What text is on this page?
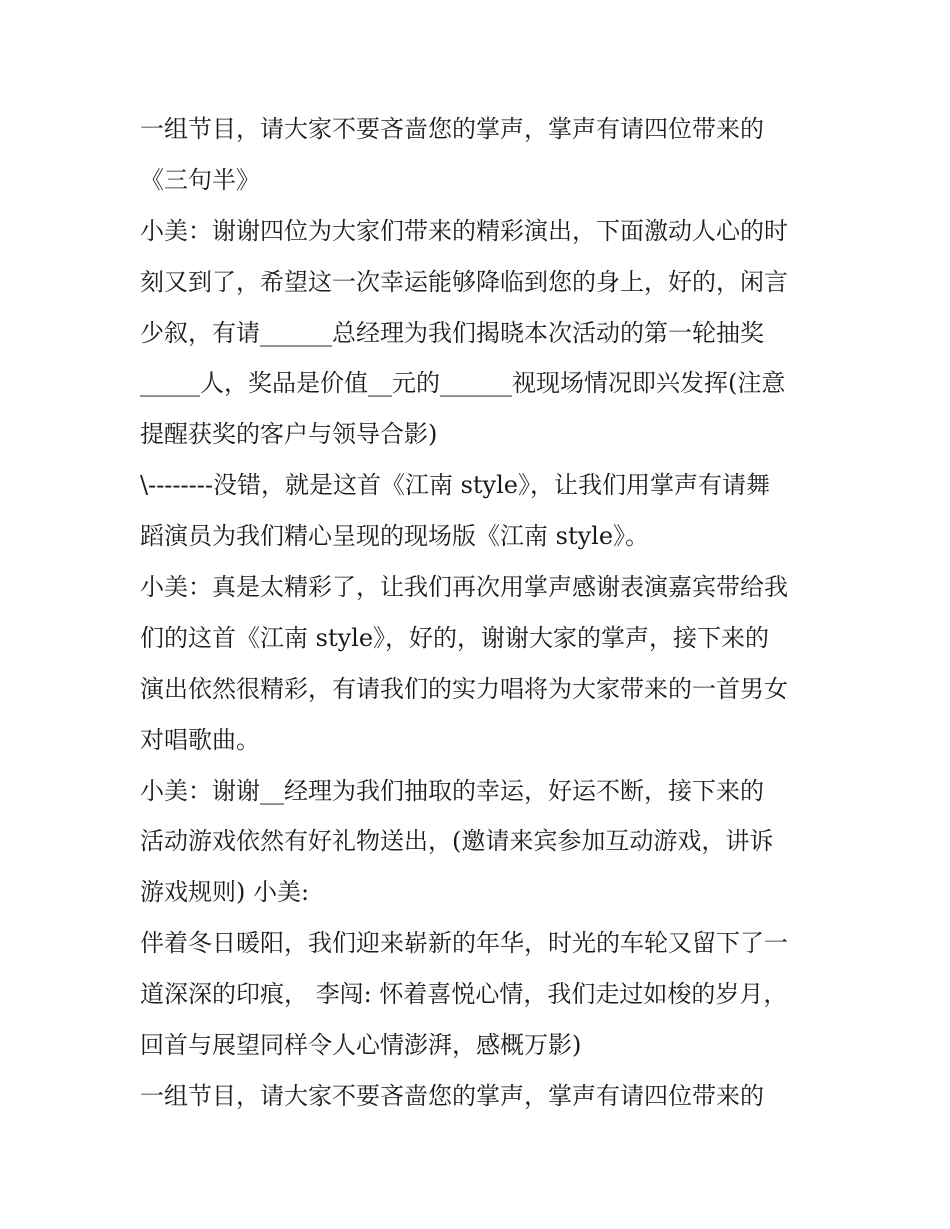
一组节目，请大家不要吝啬您的掌声，掌声有请四位带来的
《三句半》
小美：谢谢四位为大家们带来的精彩演出，下面激动人心的时
刻又到了，希望这一次幸运能够降临到您的身上，好的，闲言
少叙，有请______总经理为我们揭晓本次活动的第一轮抽奖
_____人，奖品是价值__元的______视现场情况即兴发挥(注意
提醒获奖的客户与领导合影)
\--------没错，就是这首《江南 style》，让我们用掌声有请舞
蹈演员为我们精心呈现的现场版《江南 style》。
小美：真是太精彩了，让我们再次用掌声感谢表演嘉宾带给我
们的这首《江南 style》，好的，谢谢大家的掌声，接下来的
演出依然很精彩，有请我们的实力唱将为大家带来的一首男女
对唱歌曲。
小美：谢谢__经理为我们抽取的幸运，好运不断，接下来的
活动游戏依然有好礼物送出，(邀请来宾参加互动游戏，讲诉
游戏规则) 小美:
伴着冬日暖阳，我们迎来崭新的年华，时光的车轮又留下了一
道深深的印痕， 李闯: 怀着喜悦心情，我们走过如梭的岁月，
回首与展望同样令人心情澎湃，感概万影)
一组节目，请大家不要吝啬您的掌声，掌声有请四位带来的
